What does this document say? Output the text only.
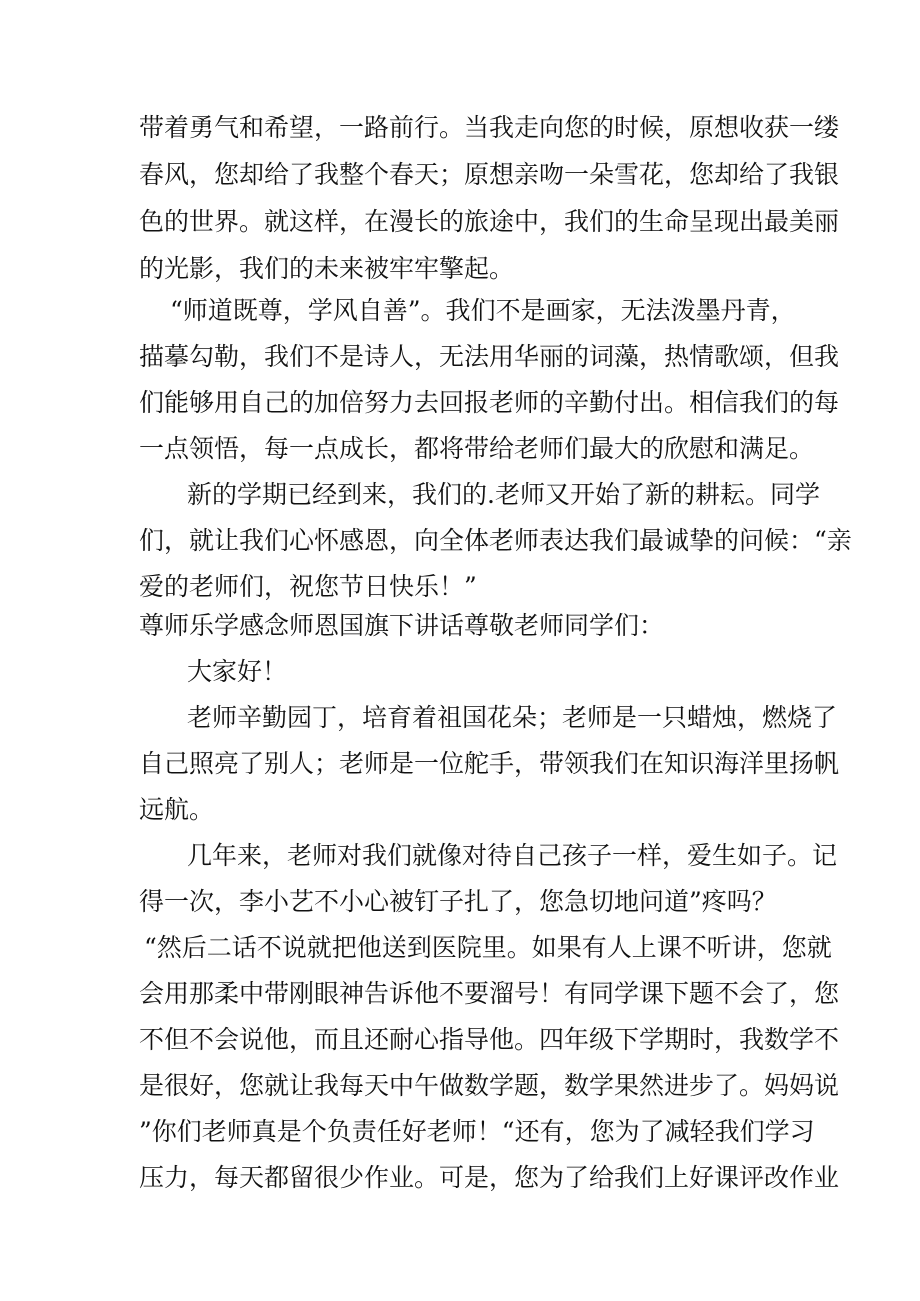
带着勇气和希望，一路前行。当我走向您的时候，原想收获一缕

春风，您却给了我整个春天；原想亲吻一朵雪花，您却给了我银

色的世界。就这样，在漫长的旅途中，我们的生命呈现出最美丽

的光影，我们的未来被牢牢擎起。

“师道既尊，学风自善”。我们不是画家，无法泼墨丹青，

描摹勾勒，我们不是诗人，无法用华丽的词藻，热情歌颂，但我

们能够用自己的加倍努力去回报老师的辛勤付出。相信我们的每

一点领悟，每一点成长，都将带给老师们最大的欣慰和满足。

新的学期已经到来，我们的.老师又开始了新的耕耘。同学

们，就让我们心怀感恩，向全体老师表达我们最诚挚的问候：“亲

爱的老师们，祝您节日快乐！”

尊师乐学感念师恩国旗下讲话尊敬老师同学们：

大家好！

老师辛勤园丁，培育着祖国花朵；老师是一只蜡烛，燃烧了

自己照亮了别人；老师是一位舵手，带领我们在知识海洋里扬帆

远航。

几年来，老师对我们就像对待自己孩子一样，爱生如子。记

得一次，李小艺不小心被钉子扎了，您急切地问道”疼吗？

“然后二话不说就把他送到医院里。如果有人上课不听讲，您就

会用那柔中带刚眼神告诉他不要溜号！有同学课下题不会了，您

不但不会说他，而且还耐心指导他。四年级下学期时，我数学不

是很好，您就让我每天中午做数学题，数学果然进步了。妈妈说

”你们老师真是个负责任好老师！“还有，您为了减轻我们学习

压力，每天都留很少作业。可是，您为了给我们上好课评改作业
